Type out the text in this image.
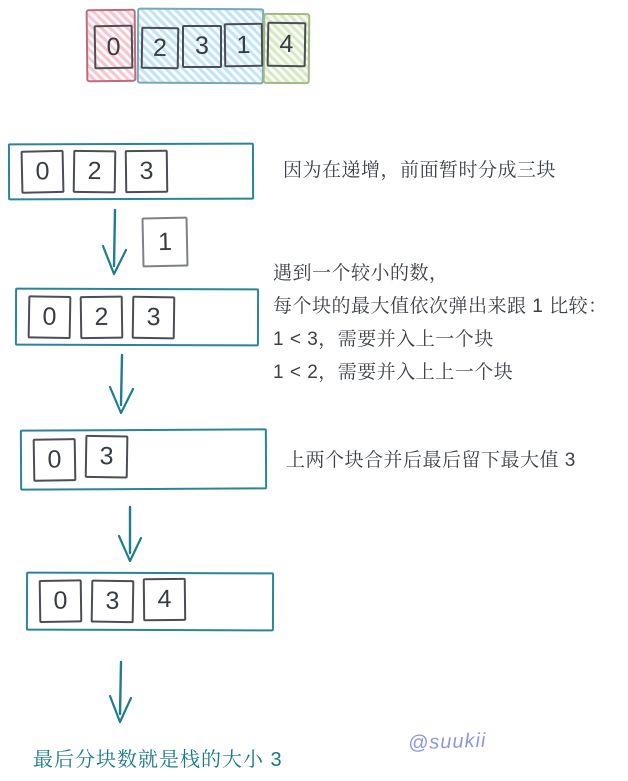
0	2	3	1	4
0	2	3	因为在递增，前面暂时分成三块
1
遇到一个较小的数，
每个块的最大值依次弹出来跟 1 比较：
1 < 3，需要并入上一个块
1 < 2，需要并入上上一个块
0	2	3
0	3	上两个块合并后最后留下最大值 3
0	3	4
最后分块数就是栈的大小 3
@suukii
